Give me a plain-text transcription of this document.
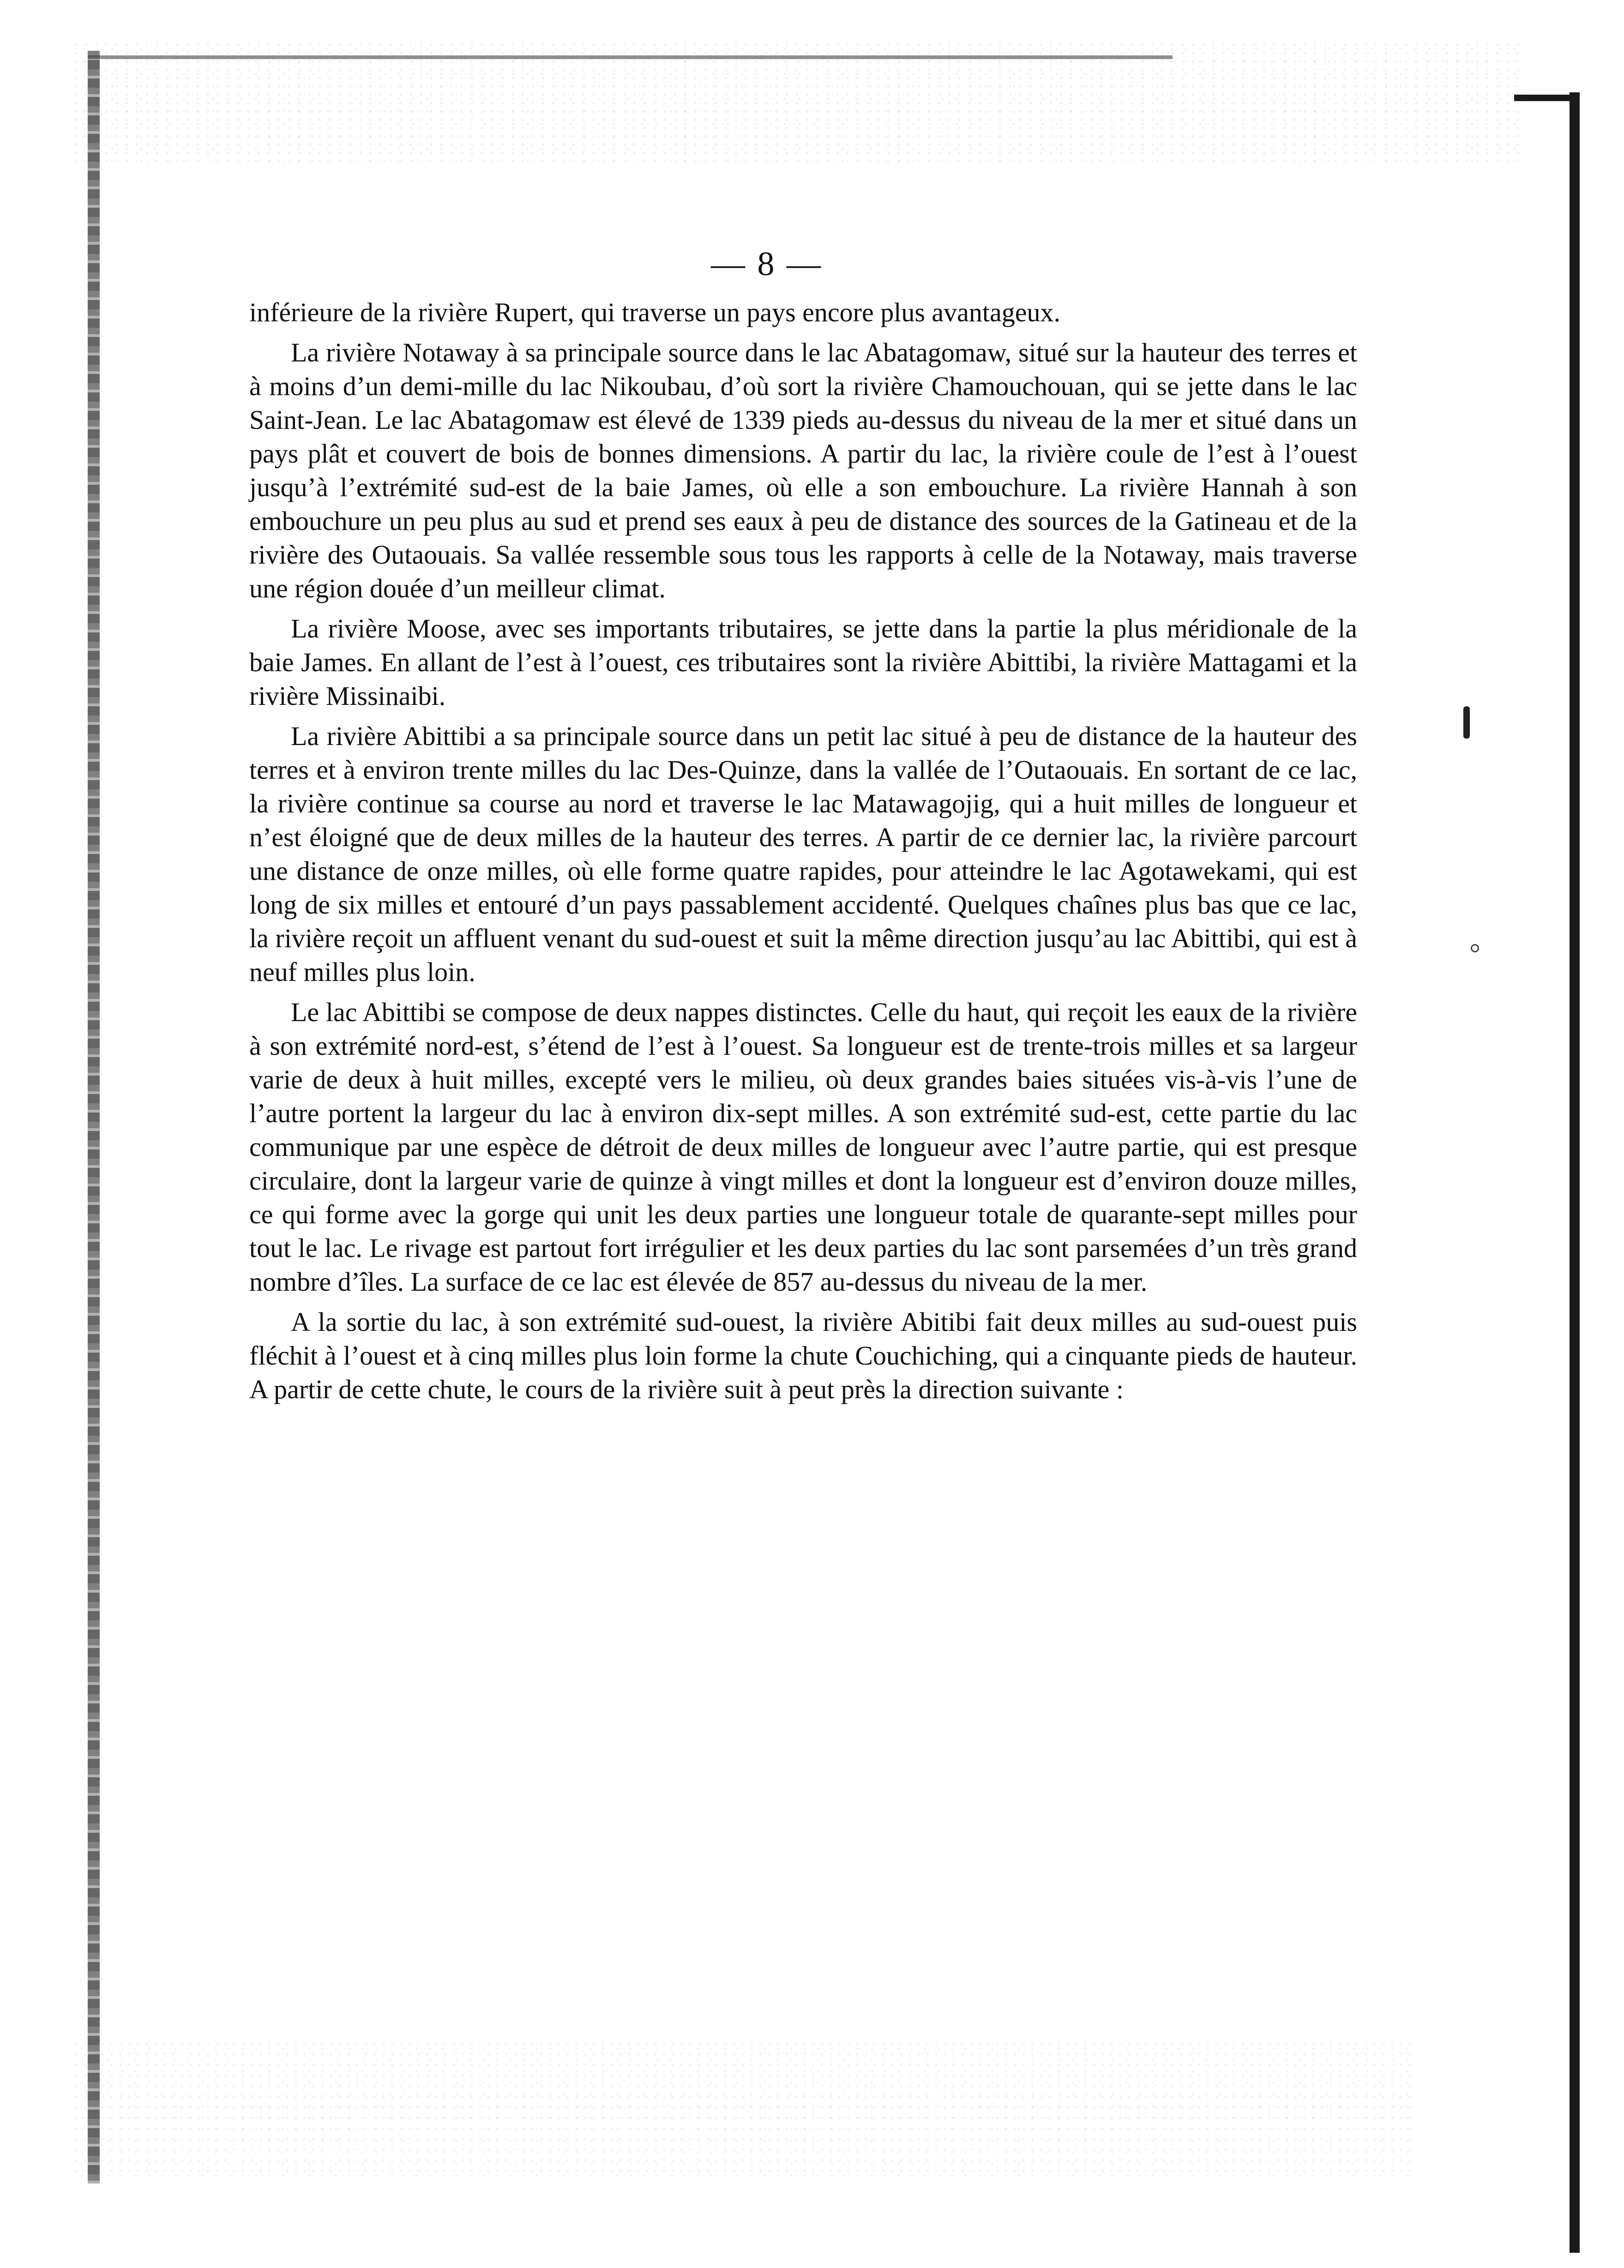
— 8 —

inférieure de la rivière Rupert, qui traverse un pays encore plus avantageux.

La rivière Notaway à sa principale source dans le lac Abatagomaw, situé sur la hauteur des terres et à moins d’un demi-mille du lac Nikoubau, d’où sort la rivière Chamouchouan, qui se jette dans le lac Saint-Jean. Le lac Abatagomaw est élevé de 1339 pieds au-dessus du niveau de la mer et situé dans un pays plât et couvert de bois de bonnes dimensions. A partir du lac, la rivière coule de l’est à l’ouest jusqu’à l’extrémité sud-est de la baie James, où elle a son embouchure. La rivière Hannah à son embouchure un peu plus au sud et prend ses eaux à peu de distance des sources de la Gatineau et de la rivière des Outaouais. Sa vallée ressemble sous tous les rapports à celle de la Notaway, mais traverse une région douée d’un meilleur climat.

La rivière Moose, avec ses importants tributaires, se jette dans la partie la plus méridionale de la baie James. En allant de l’est à l’ouest, ces tributaires sont la rivière Abittibi, la rivière Mattagami et la rivière Missinaibi.

La rivière Abittibi a sa principale source dans un petit lac situé à peu de distance de la hauteur des terres et à environ trente milles du lac Des-Quinze, dans la vallée de l’Outaouais. En sortant de ce lac, la rivière continue sa course au nord et traverse le lac Matawagojig, qui a huit milles de longueur et n’est éloigné que de deux milles de la hauteur des terres. A partir de ce dernier lac, la rivière parcourt une distance de onze milles, où elle forme quatre rapides, pour atteindre le lac Agotawekami, qui est long de six milles et entouré d’un pays passablement accidenté. Quelques chaînes plus bas que ce lac, la rivière reçoit un affluent venant du sud-ouest et suit la même direction jusqu’au lac Abittibi, qui est à neuf milles plus loin.

Le lac Abittibi se compose de deux nappes distinctes. Celle du haut, qui reçoit les eaux de la rivière à son extrémité nord-est, s’étend de l’est à l’ouest. Sa longueur est de trente-trois milles et sa largeur varie de deux à huit milles, excepté vers le milieu, où deux grandes baies situées vis-à-vis l’une de l’autre portent la largeur du lac à environ dix-sept milles. A son extrémité sud-est, cette partie du lac communique par une espèce de détroit de deux milles de longueur avec l’autre partie, qui est presque circulaire, dont la largeur varie de quinze à vingt milles et dont la longueur est d’environ douze milles, ce qui forme avec la gorge qui unit les deux parties une longueur totale de quarante-sept milles pour tout le lac. Le rivage est partout fort irrégulier et les deux parties du lac sont parsemées d’un très grand nombre d’îles. La surface de ce lac est élevée de 857 au-dessus du niveau de la mer.

A la sortie du lac, à son extrémité sud-ouest, la rivière Abitibi fait deux milles au sud-ouest puis fléchit à l’ouest et à cinq milles plus loin forme la chute Couchiching, qui a cinquante pieds de hauteur. A partir de cette chute, le cours de la rivière suit à peut près la direction suivante :
